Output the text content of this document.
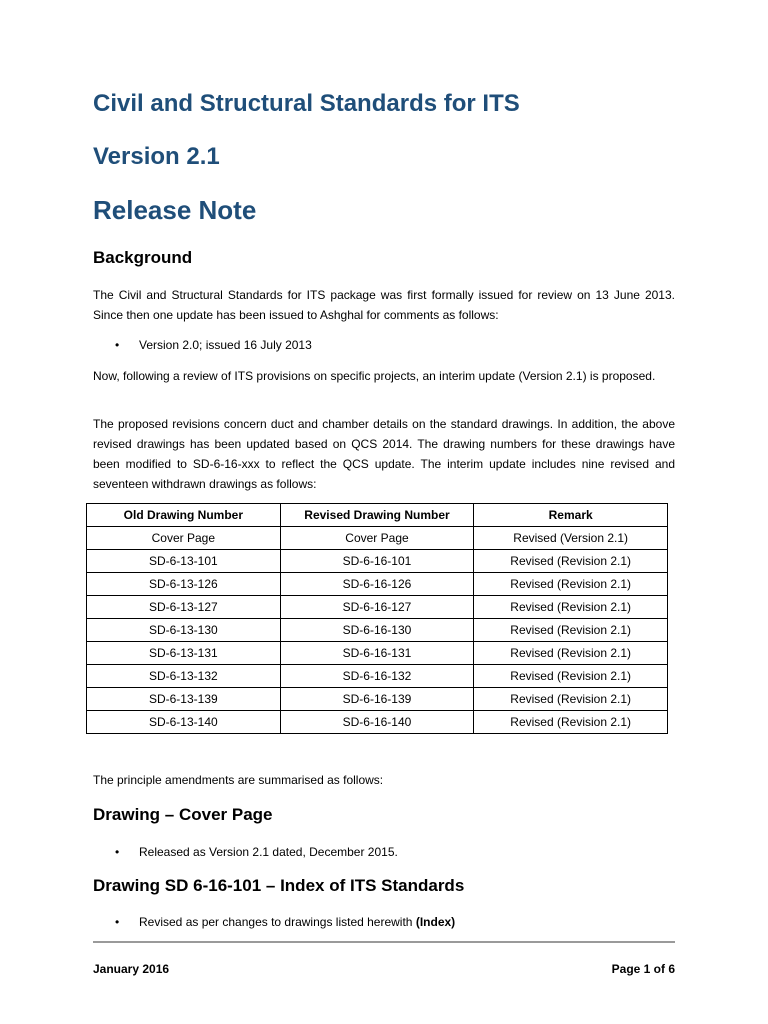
Civil and Structural Standards for ITS
Version 2.1
Release Note
Background

The Civil and Structural Standards for ITS package was first formally issued for review on 13 June 2013. Since then one update has been issued to Ashghal for comments as follows:

• Version 2.0; issued 16 July 2013

Now, following a review of ITS provisions on specific projects, an interim update (Version 2.1) is proposed.

The proposed revisions concern duct and chamber details on the standard drawings. In addition, the above revised drawings has been updated based on QCS 2014. The drawing numbers for these drawings have been modified to SD-6-16-xxx to reflect the QCS update. The interim update includes nine revised and seventeen withdrawn drawings as follows:

Old Drawing Number	Revised Drawing Number	Remark
Cover Page	Cover Page	Revised (Version 2.1)
SD-6-13-101	SD-6-16-101	Revised (Revision 2.1)
SD-6-13-126	SD-6-16-126	Revised (Revision 2.1)
SD-6-13-127	SD-6-16-127	Revised (Revision 2.1)
SD-6-13-130	SD-6-16-130	Revised (Revision 2.1)
SD-6-13-131	SD-6-16-131	Revised (Revision 2.1)
SD-6-13-132	SD-6-16-132	Revised (Revision 2.1)
SD-6-13-139	SD-6-16-139	Revised (Revision 2.1)
SD-6-13-140	SD-6-16-140	Revised (Revision 2.1)

The principle amendments are summarised as follows:

Drawing – Cover Page
• Released as Version 2.1 dated, December 2015.
Drawing SD 6-16-101 – Index of ITS Standards
• Revised as per changes to drawings listed herewith (Index)
January 2016	Page 1 of 6
